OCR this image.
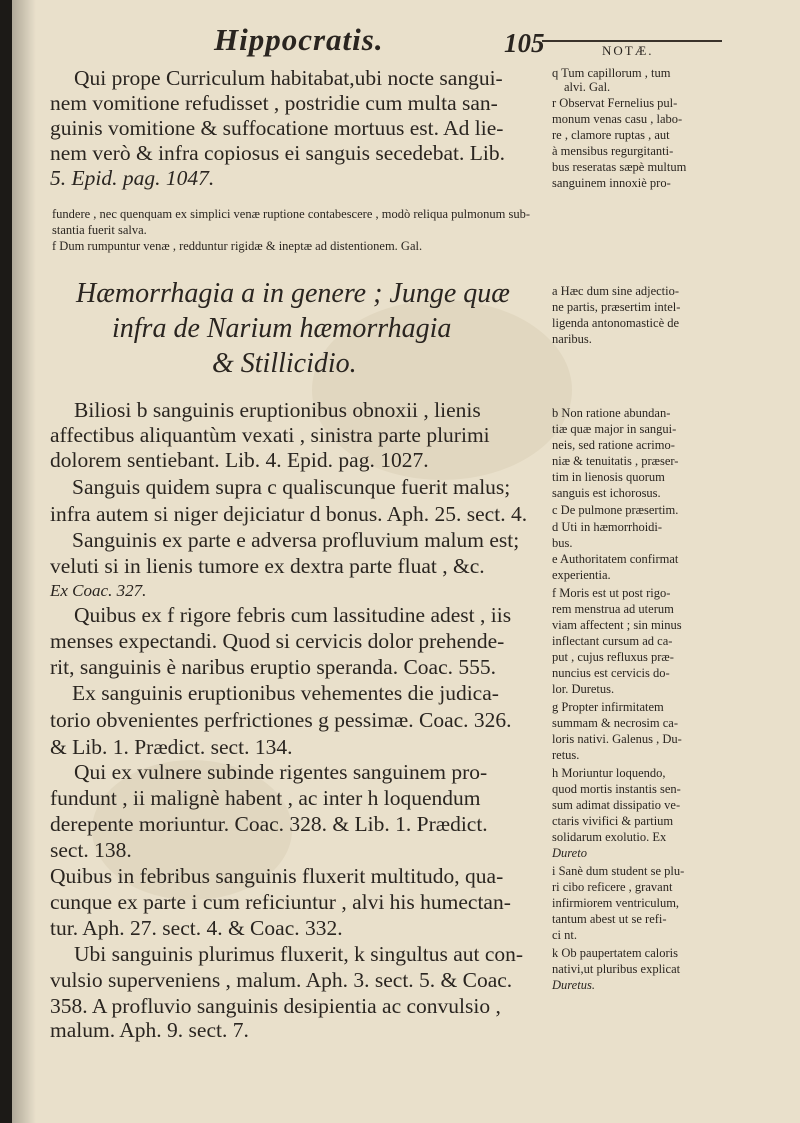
Hippocratis.	105	NOTÆ.
Qui prope Curriculum habitabat,ubi nocte sangui-
nem vomitione refudisset , postridie cum multa san-
guinis vomitione & suffocatione mortuus est. Ad lie-
nem verò & infra copiosus ei sanguis secedebat. Lib.
5. Epid. pag. 1047.
q Tum capillorum , tum
alvi. Gal.
r Observat Fernelius pul-
monum venas casu , labo-
re , clamore ruptas , aut
à mensibus regurgitanti-
bus reseratas sæpè multum
sanguinem innoxiè pro-
fundere , nec quenquam ex simplici venæ ruptione contabescere , modò reliqua pulmonum sub-
stantia fuerit salva.
f Dum rumpuntur venæ , redduntur rigidæ & ineptæ ad distentionem. Gal.
Hæmorrhagia a in genere ; Junge quæ
infra de Narium hæmorrhagia
& Stillicidio.
a Hæc dum sine adjectio-
ne partis, præsertim intel-
ligenda antonomasticè de
naribus.
Biliosi b sanguinis eruptionibus obnoxii , lienis
affectibus aliquantùm vexati , sinistra parte plurimi
dolorem sentiebant. Lib. 4. Epid. pag. 1027.
Sanguis quidem supra c qualiscunque fuerit malus;
infra autem si niger dejiciatur d bonus. Aph. 25. sect. 4.
Sanguinis ex parte e adversa profluvium malum est;
veluti si in lienis tumore ex dextra parte fluat , &c.
Ex Coac. 327.
Quibus ex f rigore febris cum lassitudine adest , iis
menses expectandi. Quod si cervicis dolor prehende-
rit, sanguinis è naribus eruptio speranda. Coac. 555.
Ex sanguinis eruptionibus vehementes die judica-
torio obvenientes perfrictiones g pessimæ. Coac. 326.
& Lib. 1. Prædict. sect. 134.
Qui ex vulnere subinde rigentes sanguinem pro-
fundunt , ii malignè habent , ac inter h loquendum
derepente moriuntur. Coac. 328. & Lib. 1. Prædict.
sect. 138.
Quibus in febribus sanguinis fluxerit multitudo, qua-
cunque ex parte i cum reficiuntur , alvi his humectan-
tur. Aph. 27. sect. 4. & Coac. 332.
Ubi sanguinis plurimus fluxerit, k singultus aut con-
vulsio superveniens , malum. Aph. 3. sect. 5. & Coac.
358. A profluvio sanguinis desipientia ac convulsio ,
malum. Aph. 9. sect. 7.
b Non ratione abundan-
tiæ quæ major in sangui-
neis, sed ratione acrimo-
niæ & tenuitatis , præser-
tim in lienosis quorum
sanguis est ichorosus.
c De pulmone præsertim.
d Uti in hæmorrhoidi-
bus.
e Authoritatem confirmat
experientia.
f Moris est ut post rigo-
rem menstrua ad uterum
viam affectent ; sin minus
inflectant cursum ad ca-
put , cujus refluxus præ-
nuncius est cervicis do-
lor. Duretus.
g Propter infirmitatem
summam & necrosim ca-
loris nativi. Galenus , Du-
retus.
h Moriuntur loquendo,
quod mortis instantis sen-
sum adimat dissipatio ve-
ctaris vivifici & partium
solidarum exolutio. Ex
Dureto
i Sanè dum student se plu-
ri cibo reficere , gravant
infirmiorem ventriculum,
tantum abest ut se refi-
ci nt.
k Ob paupertatem caloris
nativi,ut pluribus explicat
Duretus.
